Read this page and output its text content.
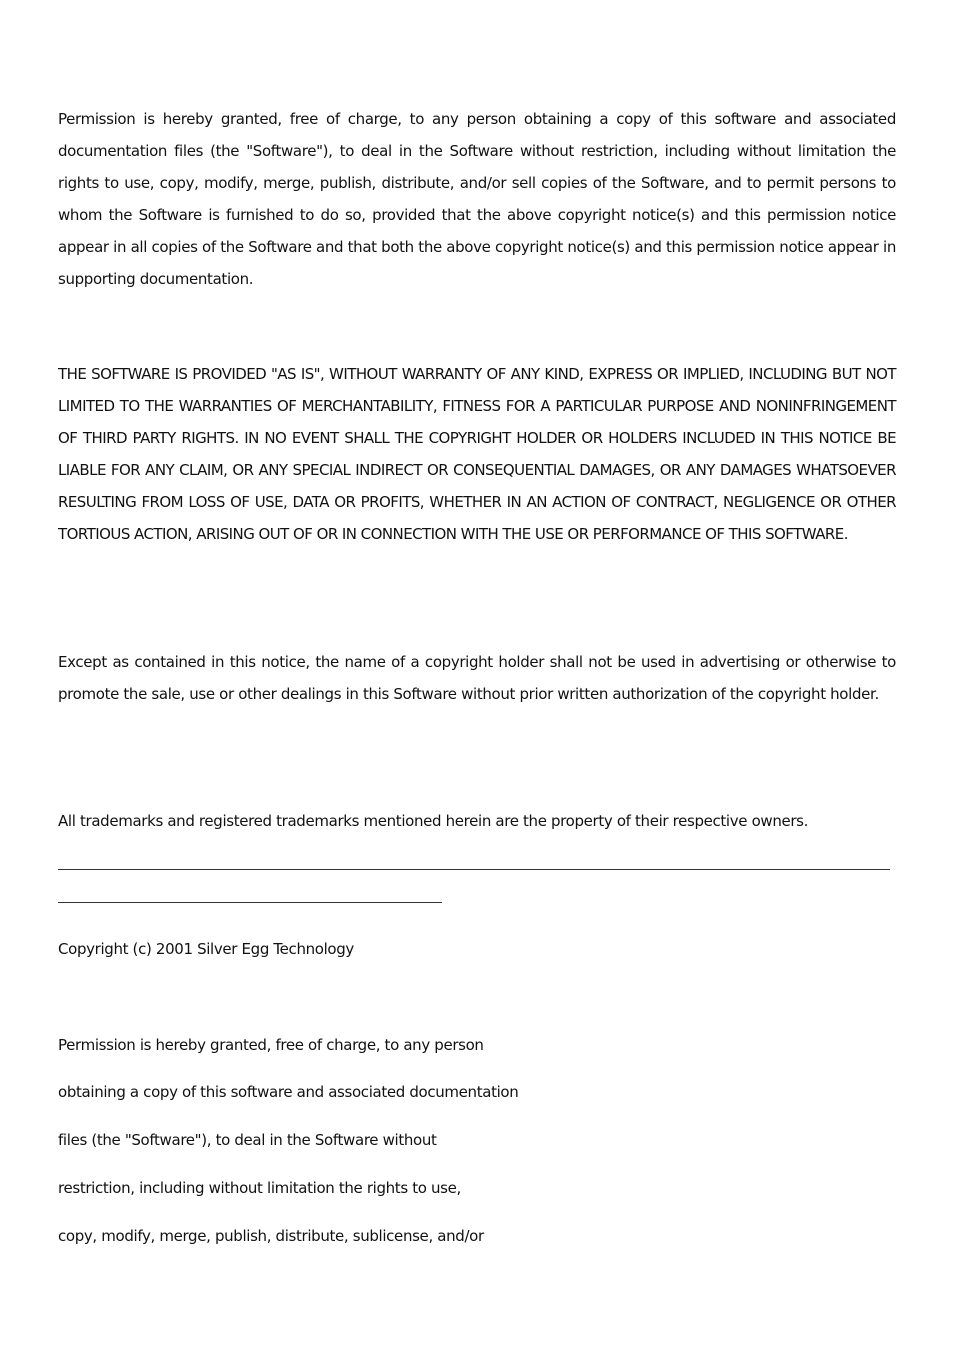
Permission is hereby granted, free of charge, to any person obtaining a copy of this software and associated documentation files (the "Software"), to deal in the Software without restriction, including without limitation the rights to use, copy, modify, merge, publish, distribute, and/or sell copies of the Software, and to permit persons to whom the Software is furnished to do so, provided that the above copyright notice(s) and this permission notice appear in all copies of the Software and that both the above copyright notice(s) and this permission notice appear in supporting documentation.

THE SOFTWARE IS PROVIDED "AS IS", WITHOUT WARRANTY OF ANY KIND, EXPRESS OR IMPLIED, INCLUDING BUT NOT LIMITED TO THE WARRANTIES OF MERCHANTABILITY, FITNESS FOR A PARTICULAR PURPOSE AND NONINFRINGEMENT OF THIRD PARTY RIGHTS. IN NO EVENT SHALL THE COPYRIGHT HOLDER OR HOLDERS INCLUDED IN THIS NOTICE BE LIABLE FOR ANY CLAIM, OR ANY SPECIAL INDIRECT OR CONSEQUENTIAL DAMAGES, OR ANY DAMAGES WHATSOEVER RESULTING FROM LOSS OF USE, DATA OR PROFITS, WHETHER IN AN ACTION OF CONTRACT, NEGLIGENCE OR OTHER TORTIOUS ACTION, ARISING OUT OF OR IN CONNECTION WITH THE USE OR PERFORMANCE OF THIS SOFTWARE.

Except as contained in this notice, the name of a copyright holder shall not be used in advertising or otherwise to promote the sale, use or other dealings in this Software without prior written authorization of the copyright holder.

All trademarks and registered trademarks mentioned herein are the property of their respective owners.

Copyright (c) 2001 Silver Egg Technology

Permission is hereby granted, free of charge, to any person

obtaining a copy of this software and associated documentation

files (the "Software"), to deal in the Software without

restriction, including without limitation the rights to use,

copy, modify, merge, publish, distribute, sublicense, and/or
